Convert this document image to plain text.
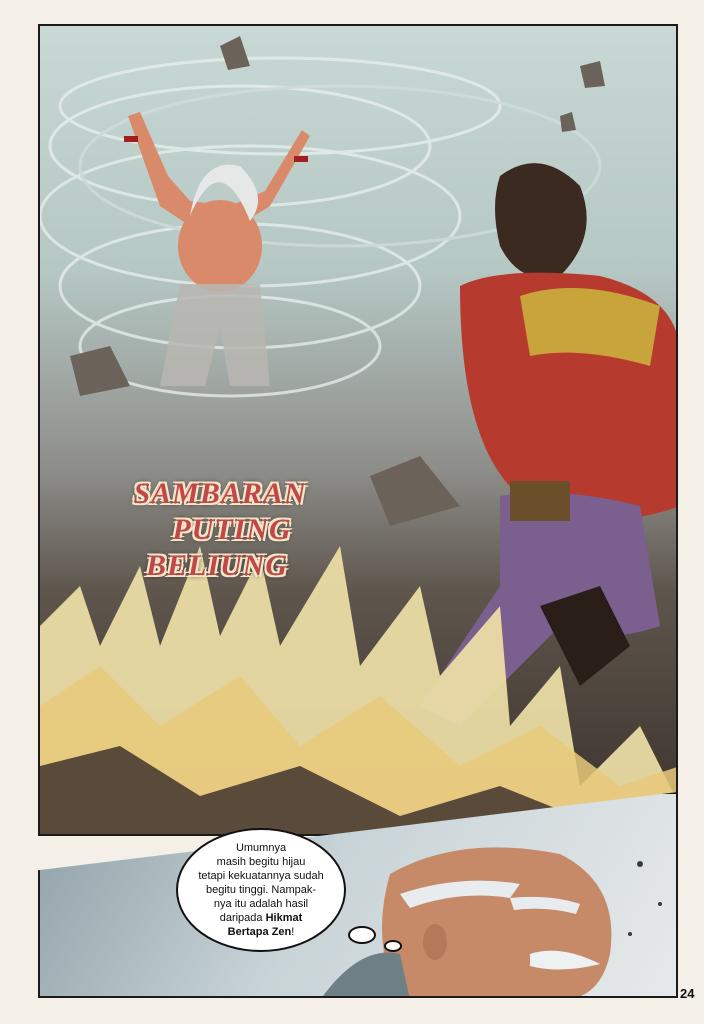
SAMBARAN
PUTING
BELIUNG
Umumnya
masih begitu hijau
tetapi kekuatannya sudah
begitu tinggi. Nampak-
nya itu adalah hasil
daripada Hikmat
Bertapa Zen!
24
